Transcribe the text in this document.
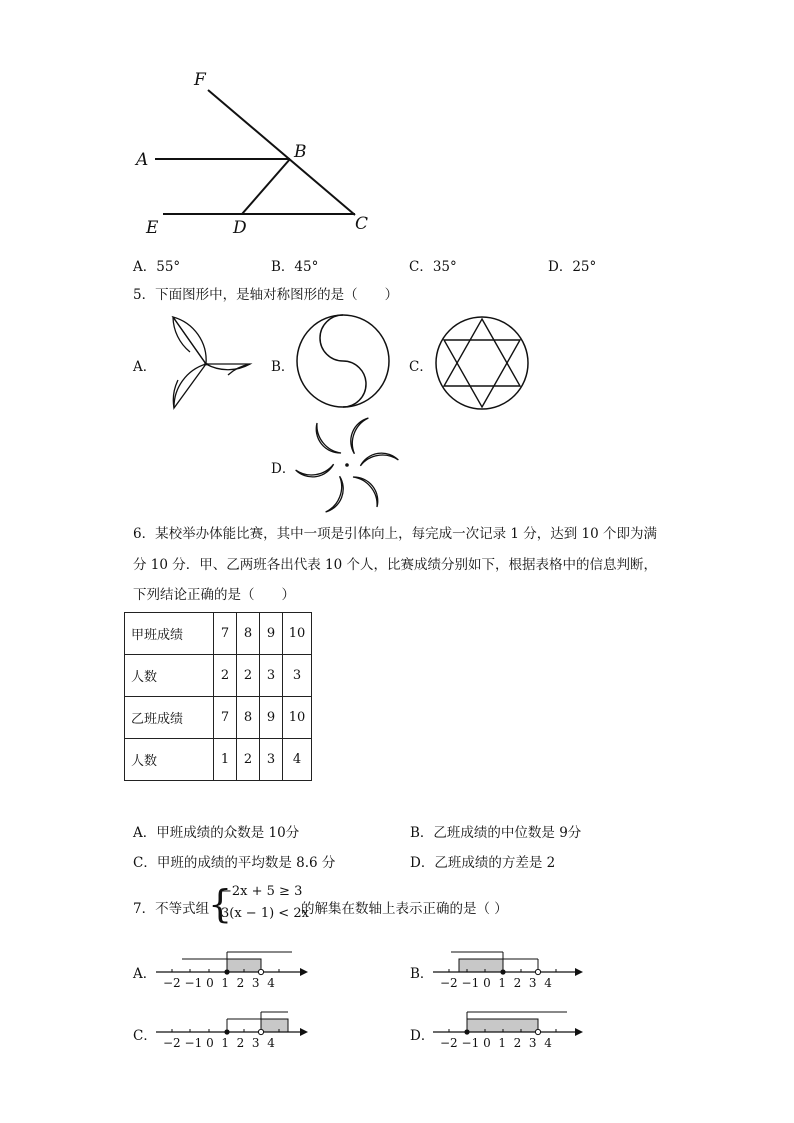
F
A	B
E	D	C
A．55°	B．45°	C．35°	D．25°
5．下面图形中，是轴对称图形的是（　　）
A．	B．	C．
D．
6．某校举办体能比赛，其中一项是引体向上，每完成一次记录 1 分，达到 10 个即为满
分 10 分．甲、乙两班各出代表 10 个人，比赛成绩分别如下，根据表格中的信息判断，
下列结论正确的是（　　）
甲班成绩	7	8	9	10
人数	2	2	3	3
乙班成绩	7	8	9	10
人数	1	2	3	4
A．甲班成绩的众数是 10分	B．乙班成绩的中位数是 9分
C．甲班的成绩的平均数是 8.6 分	D．乙班成绩的方差是 2
7．不等式组
{
−2x + 5 ≥ 3
3(x − 1) < 2x
的解集在数轴上表示正确的是（ ）
A．
−2 −1 0 1 2 3 4
B．
−2 −1 0 1 2 3 4
C． −2 −1 0 1 2 3 4	D． −2 −1 0 1 2 3 4
